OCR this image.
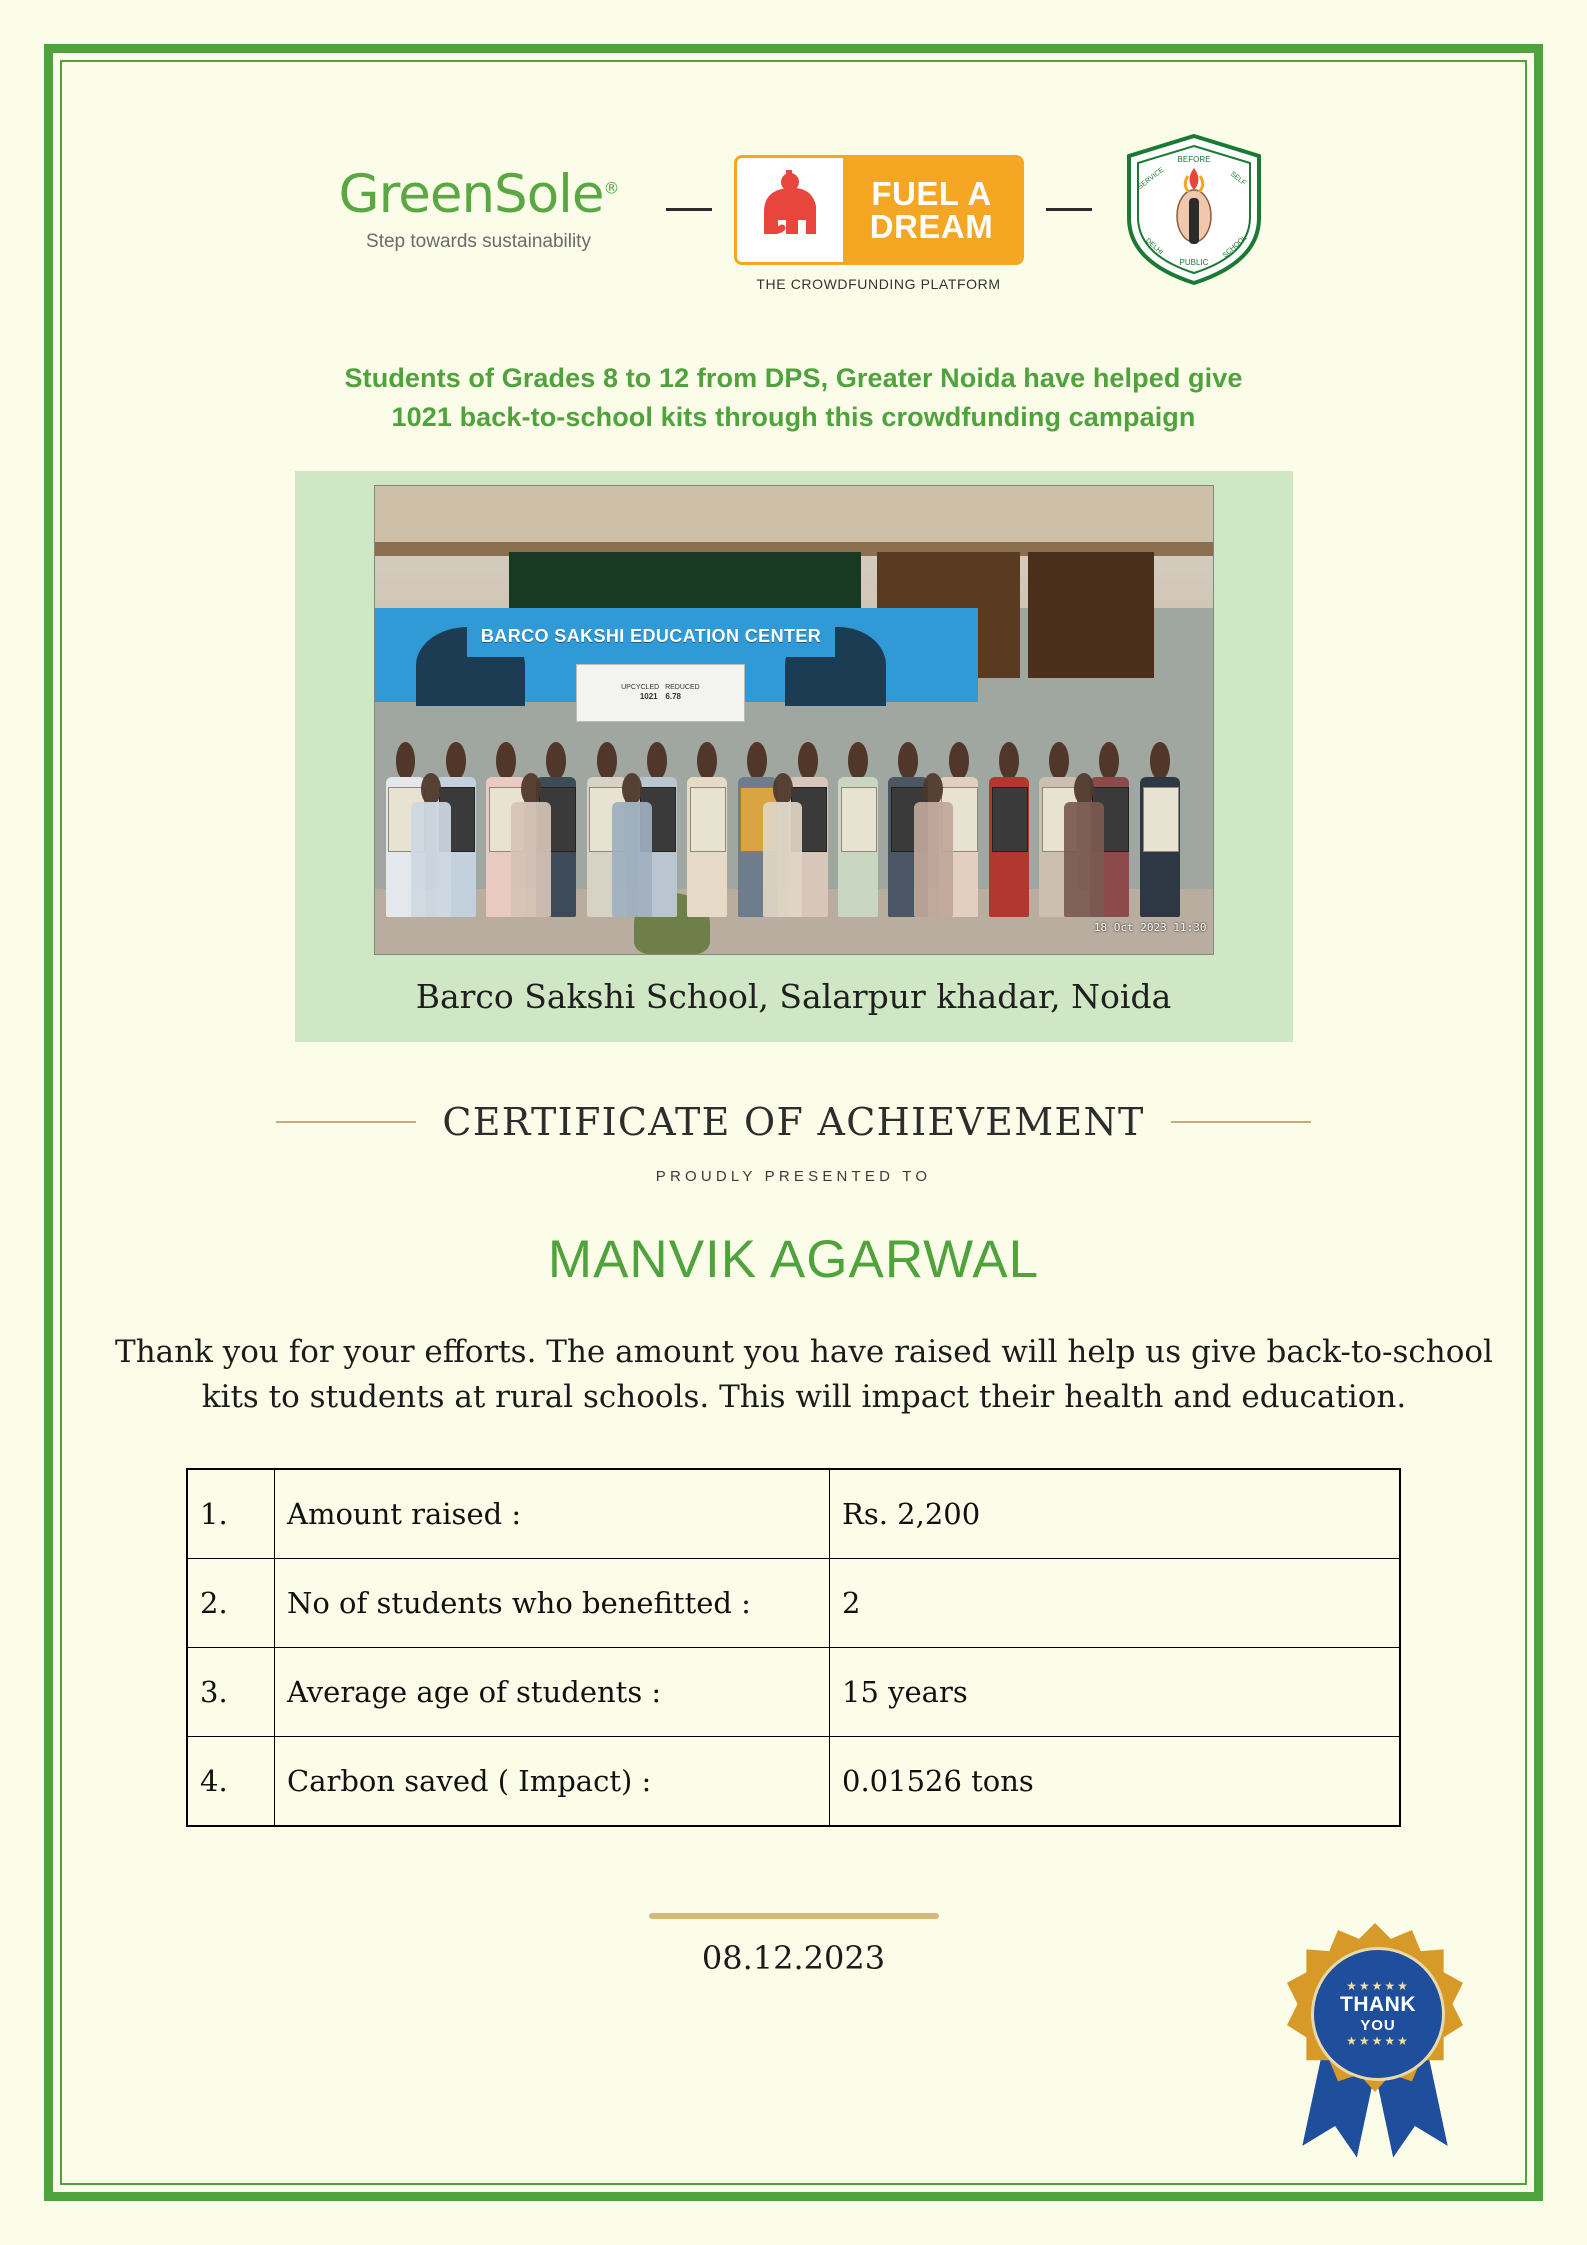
GreenSole®
Step towards sustainability
FUEL A
DREAM
THE CROWDFUNDING PLATFORM
BEFORE
SERVICE	SELF
DELHI
PUBLIC
SCHOOL
Students of Grades 8 to 12 from DPS, Greater Noida have helped give
1021 back-to-school kits through this crowdfunding campaign
BARCO SAKSHI EDUCATION CENTER
UPCYCLED REDUCED
1021 6.78
18 Oct 2023 11:30
Barco Sakshi School, Salarpur khadar, Noida
CERTIFICATE OF ACHIEVEMENT
PROUDLY PRESENTED TO
MANVIK AGARWAL
Thank you for your efforts. The amount you have raised will help us give back-to-school kits to students at rural schools. This will impact their health and education.
1.	Amount raised :	Rs. 2,200
2.	No of students who benefitted :	2
3.	Average age of students :	15 years
4.	Carbon saved ( Impact) :	0.01526 tons
08.12.2023
★★★★★
THANK
YOU
★★★★★
